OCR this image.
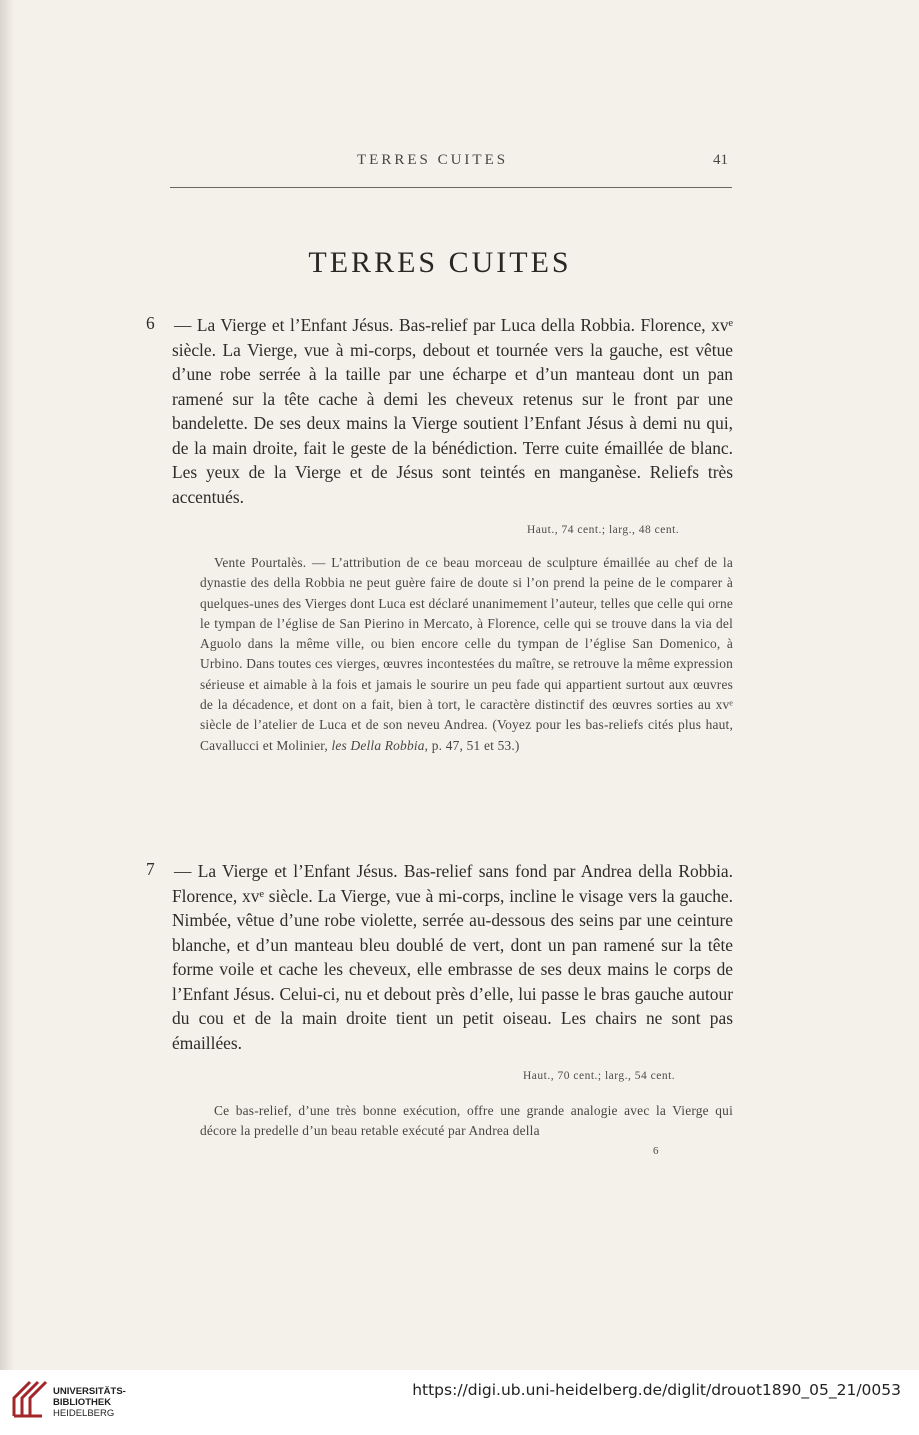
TERRES CUITES	41
TERRES CUITES
6 — La Vierge et l’Enfant Jésus. Bas-relief par Luca della Robbia. Florence, xvᵉ siècle. La Vierge, vue à mi-corps, debout et tournée vers la gauche, est vêtue d’une robe serrée à la taille par une écharpe et d’un manteau dont un pan ramené sur la tête cache à demi les cheveux retenus sur le front par une bandelette. De ses deux mains la Vierge soutient l’Enfant Jésus à demi nu qui, de la main droite, fait le geste de la bénédiction. Terre cuite émaillée de blanc. Les yeux de la Vierge et de Jésus sont teintés en manganèse. Reliefs très accentués.

Haut., 74 cent.; larg., 48 cent.

Vente Pourtalès. — L’attribution de ce beau morceau de sculpture émaillée au chef de la dynastie des della Robbia ne peut guère faire de doute si l’on prend la peine de le comparer à quelques-unes des Vierges dont Luca est déclaré unanimement l’auteur, telles que celle qui orne le tympan de l’église de San Pierino in Mercato, à Florence, celle qui se trouve dans la via del Aguolo dans la même ville, ou bien encore celle du tympan de l’église San Domenico, à Urbino. Dans toutes ces vierges, œuvres incontestées du maître, se retrouve la même expression sérieuse et aimable à la fois et jamais le sourire un peu fade qui appartient surtout aux œuvres de la décadence, et dont on a fait, bien à tort, le caractère distinctif des œuvres sorties au xvᵉ siècle de l’atelier de Luca et de son neveu Andrea. (Voyez pour les bas-reliefs cités plus haut, Cavallucci et Molinier, les Della Robbia, p. 47, 51 et 53.)

7 — La Vierge et l’Enfant Jésus. Bas-relief sans fond par Andrea della Robbia. Florence, xvᵉ siècle. La Vierge, vue à mi-corps, incline le visage vers la gauche. Nimbée, vêtue d’une robe violette, serrée au-dessous des seins par une ceinture blanche, et d’un manteau bleu doublé de vert, dont un pan ramené sur la tête forme voile et cache les cheveux, elle embrasse de ses deux mains le corps de l’Enfant Jésus. Celui-ci, nu et debout près d’elle, lui passe le bras gauche autour du cou et de la main droite tient un petit oiseau. Les chairs ne sont pas émaillées.

Haut., 70 cent.; larg., 54 cent.

Ce bas-relief, d’une très bonne exécution, offre une grande analogie avec la Vierge qui décore la predelle d’un beau retable exécuté par Andrea della

6
UNIVERSITÄTS-
BIBLIOTHEK
HEIDELBERG
https://digi.ub.uni-heidelberg.de/diglit/drouot1890_05_21/0053
